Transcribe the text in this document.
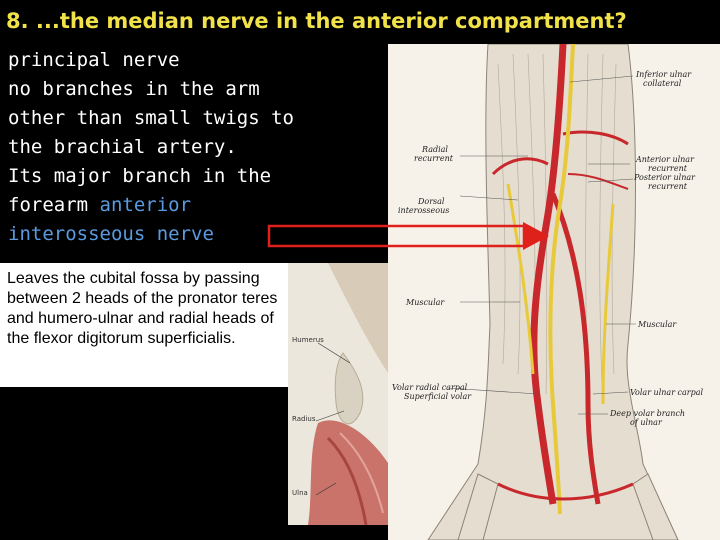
8. ...the median nerve in the anterior compartment?
principal nerve
no branches in the arm
other than small twigs to
the brachial artery.
Its major branch in the
forearm anterior
interosseous nerve

Leaves the cubital fossa by passing between 2 heads of the pronator teres and humero-ulnar and radial heads of the flexor digitorum superficialis.	Humerus
Radius
Ulna
Inferior ulnar
collateral
Radial
recurrent	Anterior ulnar
recurrent
Posterior ulnar
recurrent
Dorsal
interosseous
Muscular
Muscular
Volar radial carpal
Superficial volar	Volar ulnar carpal
Deep volar branch
of ulnar
